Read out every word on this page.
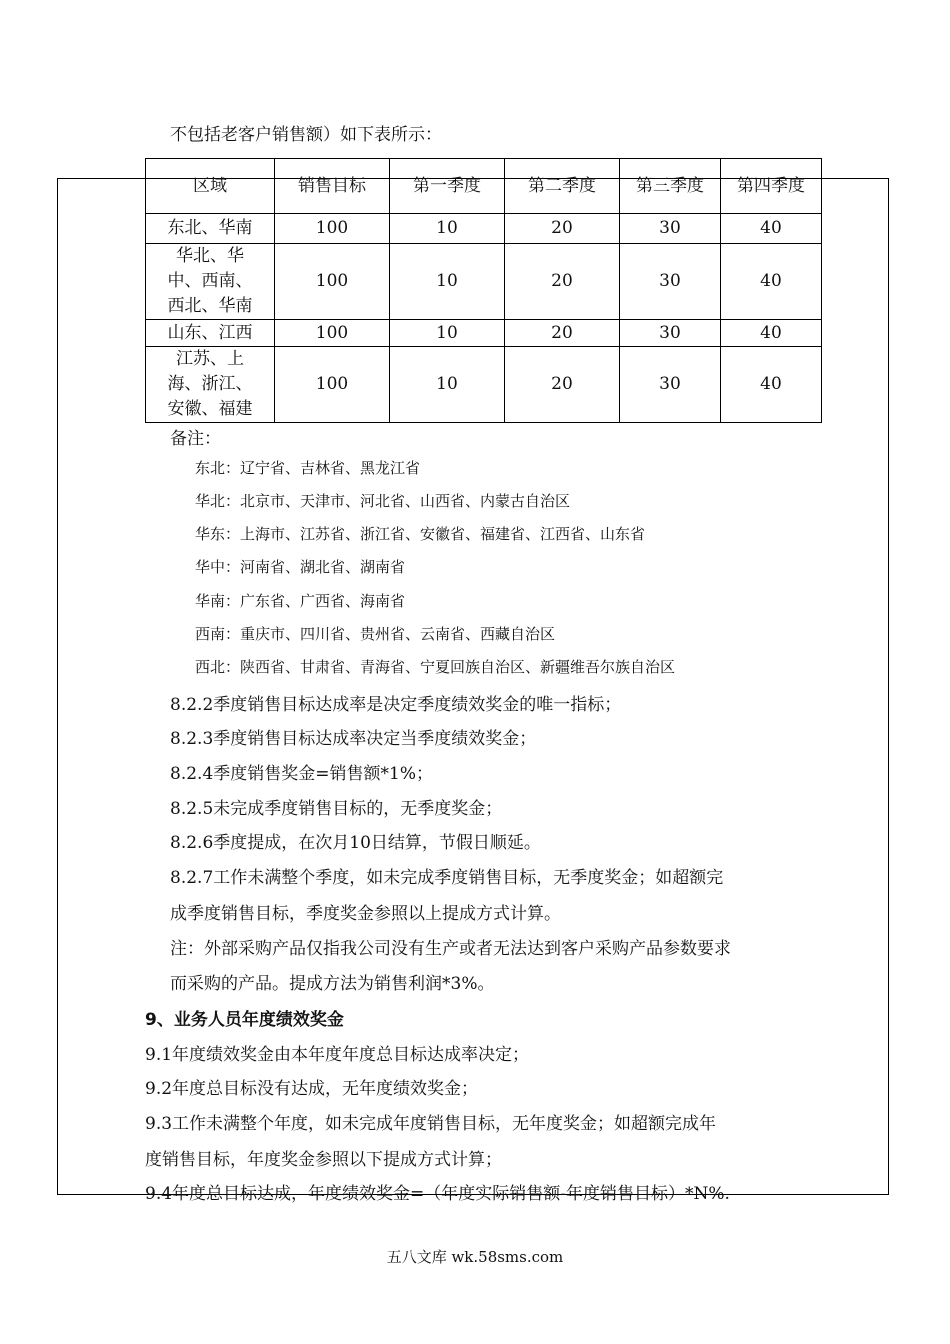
不包括老客户销售额）如下表所示：
区域	销售目标	第一季度	第二季度	第三季度	第四季度
东北、华南	100	10	20	30	40
华北、华
中、西南、
西北、华南	100	10	20	30	40
山东、江西	100	10	20	30	40
江苏、上
海、浙江、
安徽、福建	100	10	20	30	40
备注：
东北：辽宁省、吉林省、黑龙江省
华北：北京市、天津市、河北省、山西省、内蒙古自治区
华东：上海市、江苏省、浙江省、安徽省、福建省、江西省、山东省
华中：河南省、湖北省、湖南省
华南：广东省、广西省、海南省
西南：重庆市、四川省、贵州省、云南省、西藏自治区
西北：陕西省、甘肃省、青海省、宁夏回族自治区、新疆维吾尔族自治区
8.2.2季度销售目标达成率是决定季度绩效奖金的唯一指标；
8.2.3季度销售目标达成率决定当季度绩效奖金；
8.2.4季度销售奖金=销售额*1%；
8.2.5未完成季度销售目标的，无季度奖金；
8.2.6季度提成，在次月10日结算，节假日顺延。
8.2.7工作未满整个季度，如未完成季度销售目标，无季度奖金；如超额完
成季度销售目标，季度奖金参照以上提成方式计算。
注：外部采购产品仅指我公司没有生产或者无法达到客户采购产品参数要求
而采购的产品。提成方法为销售利润*3%。
9、业务人员年度绩效奖金
9.1年度绩效奖金由本年度年度总目标达成率决定；
9.2年度总目标没有达成，无年度绩效奖金；
9.3工作未满整个年度，如未完成年度销售目标，无年度奖金；如超额完成年
度销售目标，年度奖金参照以下提成方式计算；
9.4年度总目标达成，年度绩效奖金=（年度实际销售额-年度销售目标）*N%.
五八文库 wk.58sms.com
